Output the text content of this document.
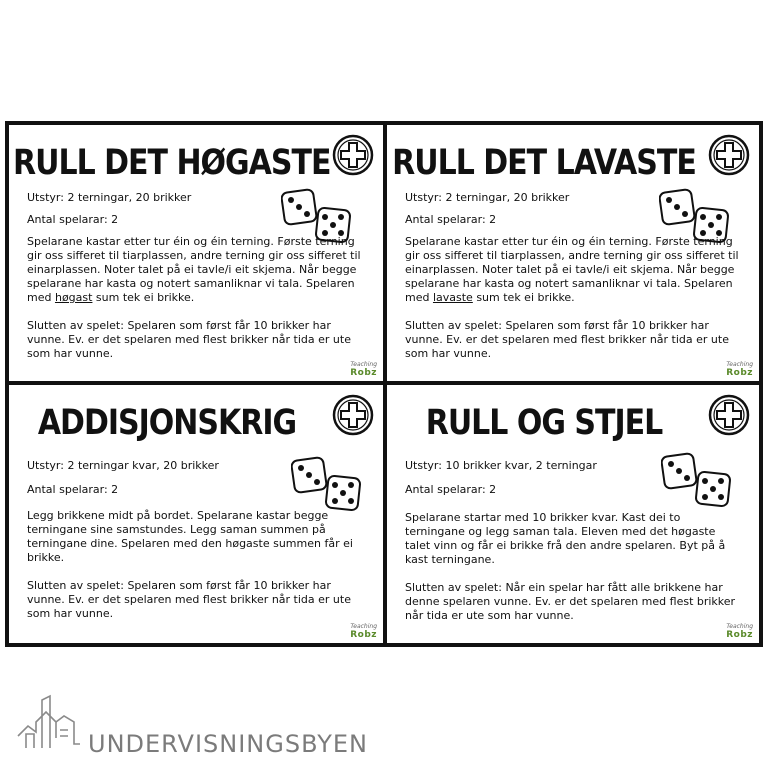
RULL DET HØGASTE
Utstyr: 2 terningar, 20 brikker
Antal spelarar: 2

Spelarane kastar etter tur éin og éin terning. Første terning gir oss sifferet til tiarplassen, andre terning gir oss sifferet til einarplassen. Noter talet på ei tavle/i eit skjema. Når begge spelarane har kasta og notert samanliknar vi tala. Spelaren med høgast sum tek ei brikke.

Slutten av spelet: Spelaren som først får 10 brikker har vunne. Ev. er det spelaren med flest brikker når tida er ute som har vunne.

Teaching
Robz
RULL DET LAVASTE
Utstyr: 2 terningar, 20 brikker
Antal spelarar: 2

Spelarane kastar etter tur éin og éin terning. Første terning gir oss sifferet til tiarplassen, andre terning gir oss sifferet til einarplassen. Noter talet på ei tavle/i eit skjema. Når begge spelarane har kasta og notert samanliknar vi tala. Spelaren med lavaste sum tek ei brikke.

Slutten av spelet: Spelaren som først får 10 brikker har vunne. Ev. er det spelaren med flest brikker når tida er ute som har vunne.

Teaching
Robz
ADDISJONSKRIG
Utstyr: 2 terningar kvar, 20 brikker
Antal spelarar: 2

Legg brikkene midt på bordet. Spelarane kastar begge terningane sine samstundes. Legg saman summen på terningane dine. Spelaren med den høgaste summen får ei brikke.

Slutten av spelet: Spelaren som først får 10 brikker har vunne. Ev. er det spelaren med flest brikker når tida er ute som har vunne.

Teaching
Robz
RULL OG STJEL
Utstyr: 10 brikker kvar, 2 terningar
Antal spelarar: 2

Spelarane startar med 10 brikker kvar. Kast dei to terningane og legg saman tala. Eleven med det høgaste talet vinn og får ei brikke frå den andre spelaren. Byt på å kast terningane.

Slutten av spelet: Når ein spelar har fått alle brikkene har denne spelaren vunne. Ev. er det spelaren med flest brikker når tida er ute som har vunne.

Teaching
Robz
UNDERVISNINGSBYEN
